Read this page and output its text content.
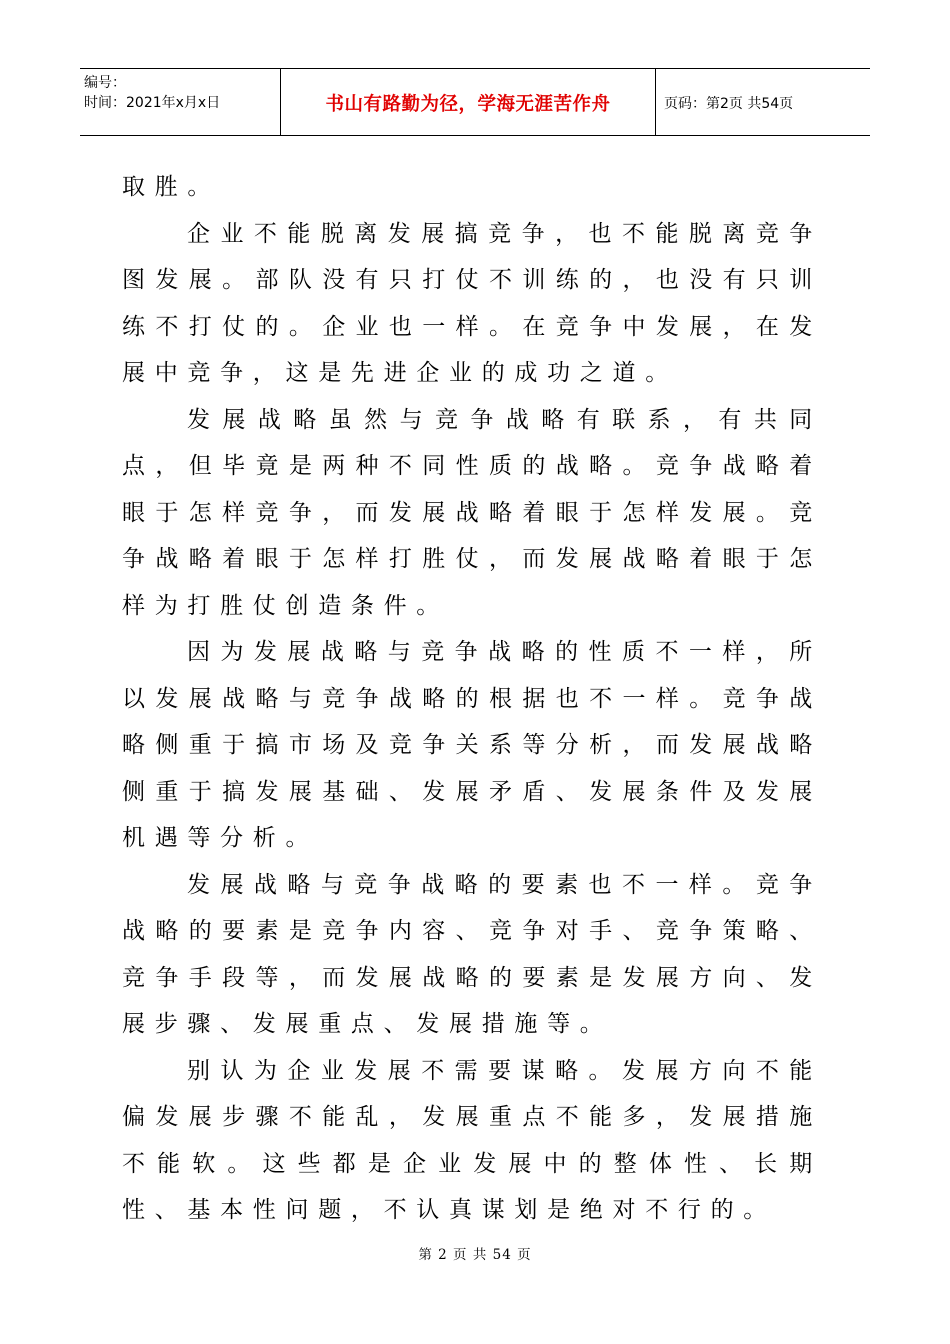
编号：
时间：2021年x月x日	书山有路勤为径，学海无涯苦作舟	页码：第2页 共54页

取胜。

企业不能脱离发展搞竞争，也不能脱离竞争图发展。部队没有只打仗不训练的，也没有只训练不打仗的。企业也一样。在竞争中发展，在发展中竞争，这是先进企业的成功之道。

发展战略虽然与竞争战略有联系，有共同点，但毕竟是两种不同性质的战略。竞争战略着眼于怎样竞争，而发展战略着眼于怎样发展。竞争战略着眼于怎样打胜仗，而发展战略着眼于怎样为打胜仗创造条件。

因为发展战略与竞争战略的性质不一样，所以发展战略与竞争战略的根据也不一样。竞争战略侧重于搞市场及竞争关系等分析，而发展战略侧重于搞发展基础、发展矛盾、发展条件及发展机遇等分析。

发展战略与竞争战略的要素也不一样。竞争战略的要素是竞争内容、竞争对手、竞争策略、竞争手段等，而发展战略的要素是发展方向、发展步骤、发展重点、发展措施等。

别认为企业发展不需要谋略。发展方向不能偏发展步骤不能乱，发展重点不能多，发展措施不能软。这些都是企业发展中的整体性、长期性、基本性问题，不认真谋划是绝对不行的。

第 2 页 共 54 页
